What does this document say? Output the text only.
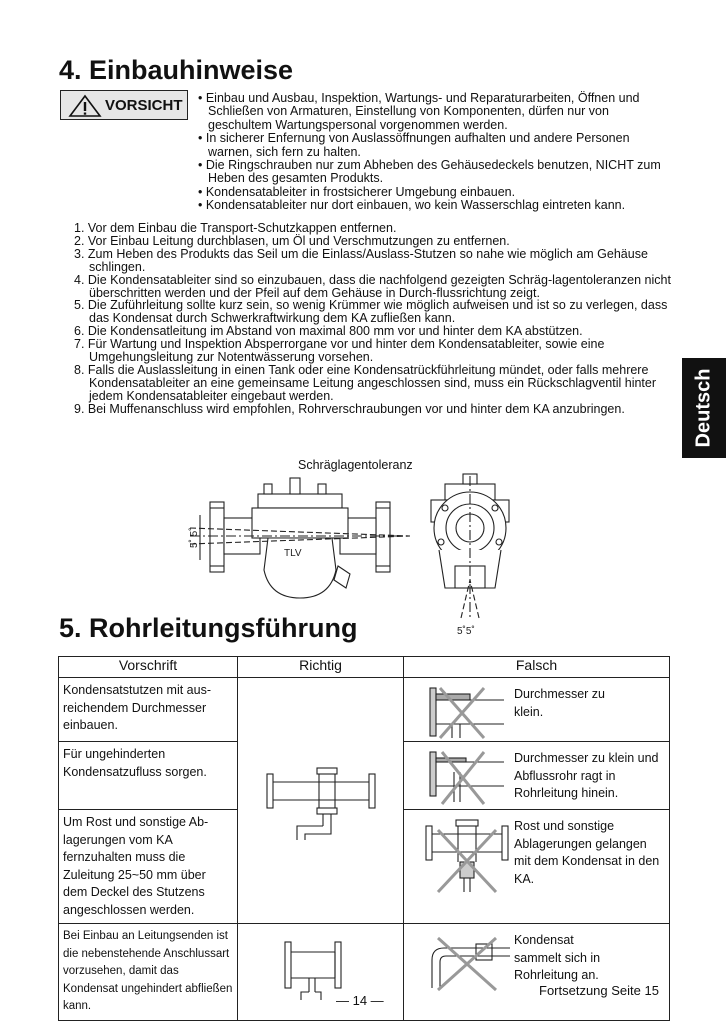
4. Einbauhinweise
VORSICHT • Einbau und Ausbau, Inspektion, Wartungs- und Reparaturarbeiten, Öffnen und Schließen von Armaturen, Einstellung von Komponenten, dürfen nur von geschultem Wartungspersonal vorgenommen werden.
• In sicherer Enfernung von Auslassöffnungen aufhalten und andere Personen warnen, sich fern zu halten.
• Die Ringschrauben nur zum Abheben des Gehäusedeckels benutzen, NICHT zum Heben des gesamten Produkts.
• Kondensatableiter in frostsicherer Umgebung einbauen.
• Kondensatableiter nur dort einbauen, wo kein Wasserschlag eintreten kann.
1. Vor dem Einbau die Transport-Schutzkappen entfernen.
2. Vor Einbau Leitung durchblasen, um Öl und Verschmutzungen zu entfernen.
3. Zum Heben des Produkts das Seil um die Einlass/Auslass-Stutzen so nahe wie möglich am Gehäuse schlingen.
4. Die Kondensatableiter sind so einzubauen, dass die nachfolgend gezeigten Schräg-lagentoleranzen nicht überschritten werden und der Pfeil auf dem Gehäuse in Durch-flussrichtung zeigt.
5. Die Zuführleitung sollte kurz sein, so wenig Krümmer wie möglich aufweisen und ist so zu verlegen, dass das Kondensat durch Schwerkraftwirkung dem KA zufließen kann.
6. Die Kondensatleitung im Abstand von maximal 800 mm vor und hinter dem KA abstützen.
7. Für Wartung und Inspektion Absperrorgane vor und hinter dem Kondensatableiter, sowie eine Umgehungsleitung zur Notentwässerung vorsehen.
8. Falls die Auslassleitung in einen Tank oder eine Kondensatrückführleitung mündet, oder falls mehrere Kondensatableiter an eine gemeinsame Leitung angeschlossen sind, muss ein Rückschlagventil hinter jedem Kondensatableiter eingebaut werden.
9. Bei Muffenanschluss wird empfohlen, Rohrverschraubungen vor und hinter dem KA anzubringen.	Deutsch
Schräglagentoleranz
TLV
5˚ 5˚
5˚5˚
5. Rohrleitungsführung
Vorschrift	Richtig	Falsch
Kondensatstutzen mit aus-reichendem Durchmesser einbauen.		Durchmesser zu klein.

Für ungehinderten Kondensatzufluss sorgen.		Durchmesser zu klein und Abflussrohr ragt in Rohrleitung hinein.

Um Rost und sonstige Ab-lagerungen vom KA fernzuhalten muss die Zuleitung 25~50 mm über dem Deckel des Stutzens angeschlossen werden.		Rost und sonstige Ablagerungen gelangen mit dem Kondensat in den KA.

Bei Einbau an Leitungsenden ist die nebenstehende Anschlussart vorzusehen, damit das Kondensat ungehindert abfließen kann.		Kondensat sammelt sich in Rohrleitung an.
Fortsetzung Seite 15
— 14 —
